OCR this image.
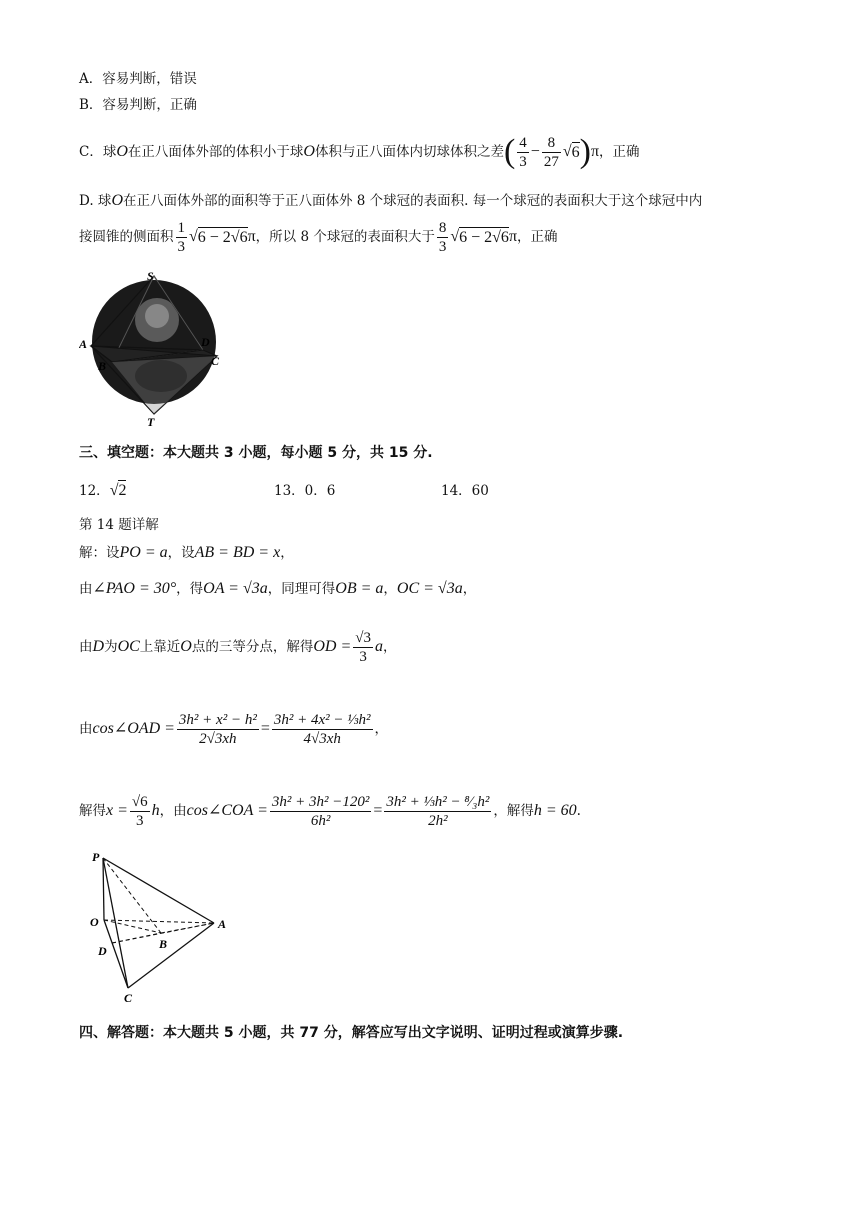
A．容易判断，错误
B．容易判断，正确
C．球 O 在正八面体外部的体积小于球 O 体积与正八面体内切球体积之差 ( $\frac{4}{3} - \frac{8}{27}$ √ 6 ) π ，正确
D. 球O在正八面体外部的面积等于正八面体外 8 个球冠的表面积. 每一个球冠的表面积大于这个球冠中内
接圆锥的侧面积 $\frac{1}{3}$ √ 6 − 2√6 π ，所以 8 个球冠的表面积大于 $\frac{8}{3}$ √ 6 − 2√6 π ，正确
S
A	D
C
B
T
三、填空题：本大题共 3 小题，每小题 5 分，共 15 分.
12．√2	13．0．6	14．60
第 14 题详解
解：设PO = a，设AB = BD = x，
由∠PAO = 30°，得OA = √3a，同理可得OB = a，OC = √3a，
由 D 为 OC 上靠近 O 点的三等分点，解得 OD = $\frac{√3}{3}$ a ，
由 cos∠OAD = $\frac{\text{3h² + x² − h²}}{2√3xh} = \frac{\text{3h² + 4x² − ⅓h²}}{4√3xh}$ ，
解得 $x = \frac{√6}{3}$ h ，由 cos∠COA = $\frac{\text{3h² + 3h² −120²}}{\text{6h²}} = \frac{\text{3h² + ⅓h² − ⁸⁄₃h²}}{\text{2h²}}$ ，解得 h = 60 .
P
O	A
B
D
C
四、解答题：本大题共 5 小题，共 77 分，解答应写出文字说明、证明过程或演算步骤.
